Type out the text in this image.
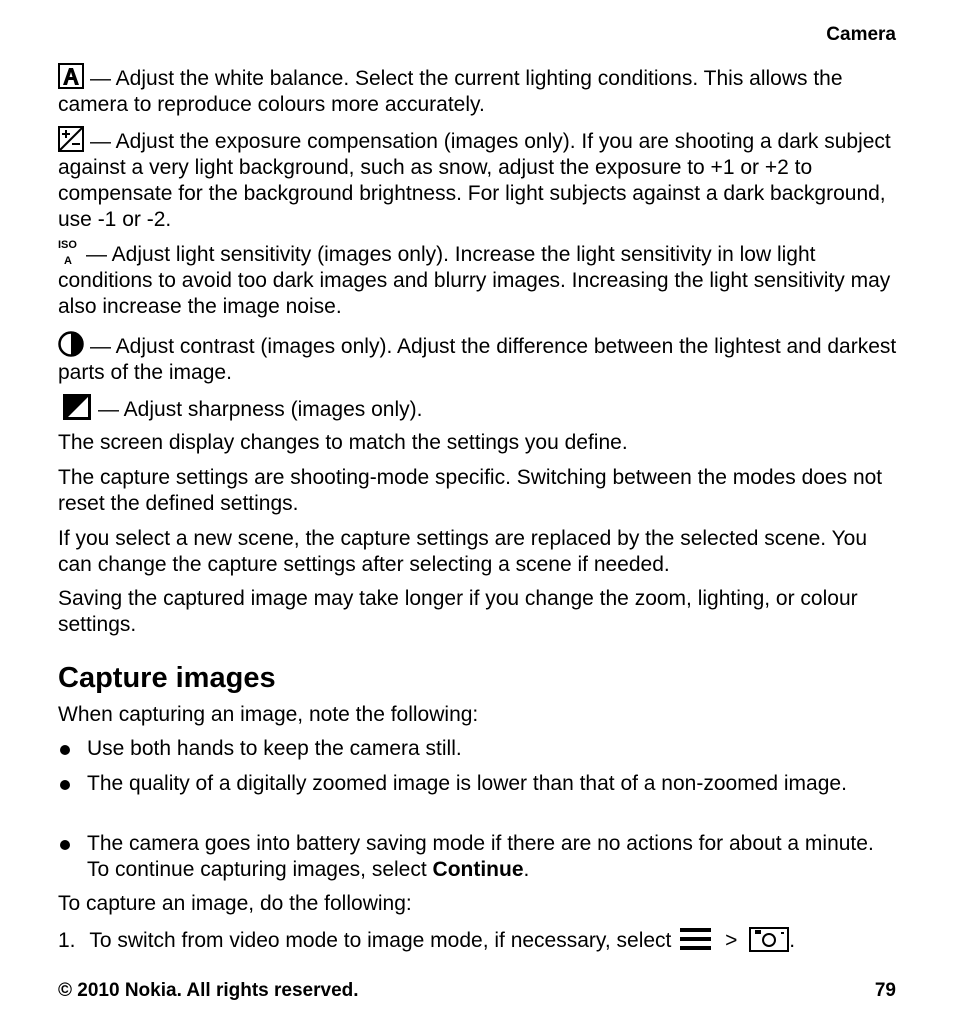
Camera
— Adjust the white balance. Select the current lighting conditions. This allows the camera to reproduce colours more accurately.
— Adjust the exposure compensation (images only). If you are shooting a dark subject against a very light background, such as snow, adjust the exposure to +1 or +2 to compensate for the background brightness. For light subjects against a dark background, use -1 or -2.
ISO
A — Adjust light sensitivity (images only). Increase the light sensitivity in low light conditions to avoid too dark images and blurry images. Increasing the light sensitivity may also increase the image noise.
— Adjust contrast (images only). Adjust the difference between the lightest and darkest parts of the image.
— Adjust sharpness (images only).
The screen display changes to match the settings you define.
The capture settings are shooting-mode specific. Switching between the modes does not reset the defined settings.
If you select a new scene, the capture settings are replaced by the selected scene. You can change the capture settings after selecting a scene if needed.
Saving the captured image may take longer if you change the zoom, lighting, or colour settings.
Capture images
When capturing an image, note the following:
Use both hands to keep the camera still.
The quality of a digitally zoomed image is lower than that of a non-zoomed image.
The camera goes into battery saving mode if there are no actions for about a minute. To continue capturing images, select Continue.
To capture an image, do the following:
1. To switch from video mode to image mode, if necessary, select	> .
© 2010 Nokia. All rights reserved.	79
